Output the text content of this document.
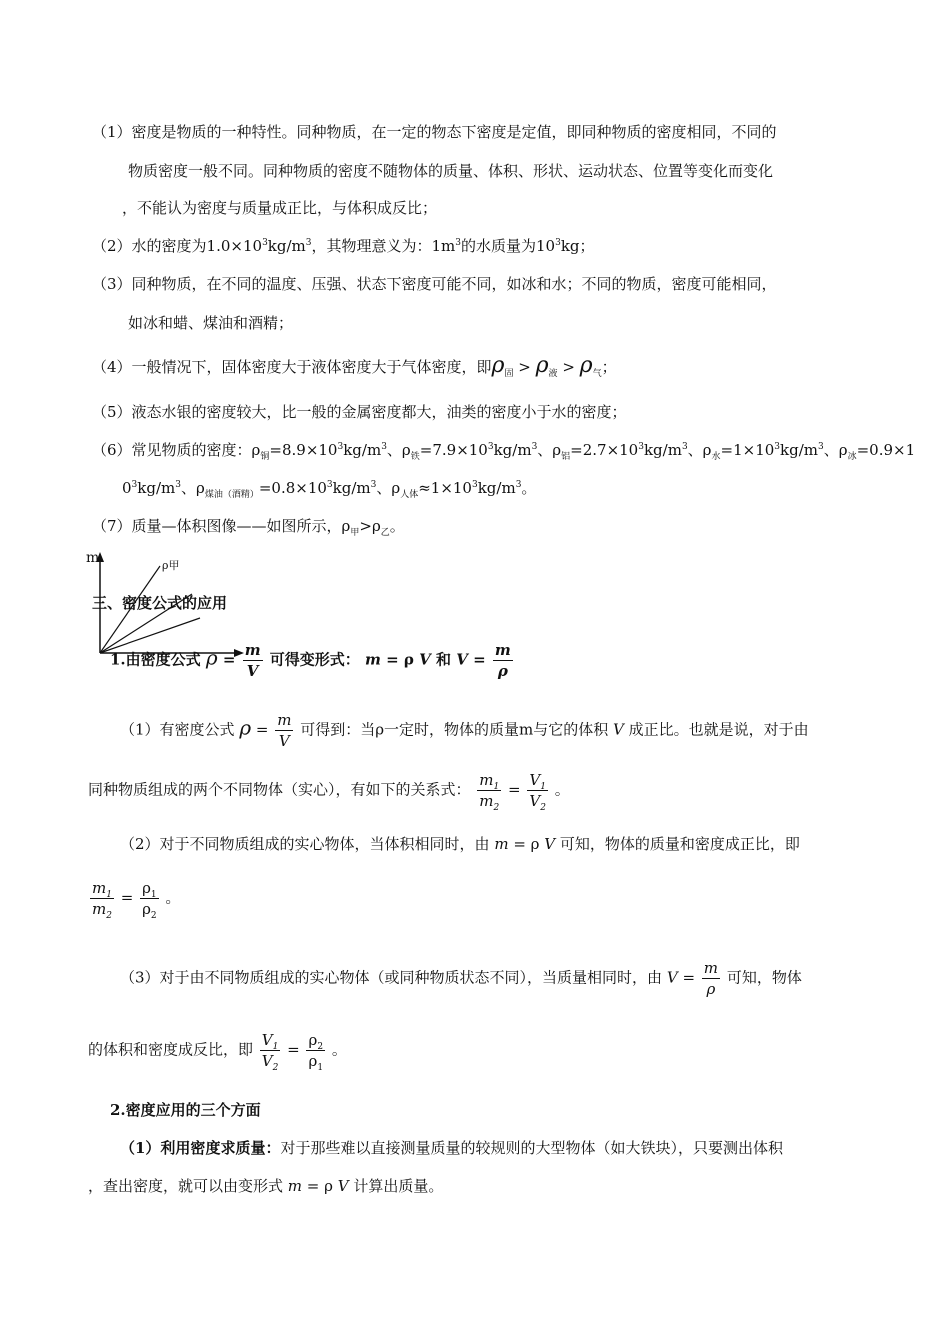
（1）密度是物质的一种特性。同种物质，在一定的物态下密度是定值，即同种物质的密度相同，不同的
物质密度一般不同。同种物质的密度不随物体的质量、体积、形状、运动状态、位置等变化而变化
，不能认为密度与质量成正比，与体积成反比；
（2）水的密度为$1.0\times 10^3kg/m^3$，其物理意义为：$1m^3$的水质量为$10^3kg$；
（3）同种物质，在不同的温度、压强、状态下密度可能不同，如冰和水；不同的物质，密度可能相同，
如冰和蜡、煤油和酒精；
（4）一般情况下，固体密度大于液体密度大于气体密度，即$\rho_固 > \rho_液 > \rho_气$；
（5）液态水银的密度较大，比一般的金属密度都大，油类的密度小于水的密度；
（6）常见物质的密度：$\rho_铜=8.9\times 10^3kg/m^3$、$\rho_铁=7.9\times 10^3kg/m^3$、$\rho_铝=2.7\times 10^3kg/m^3$、$\rho_水=1\times 10^3kg/m^3$、$\rho_冰=0.9\times 1$
$0^3kg/m^3$、$\rho_{煤油(酒精)}=0.8\times 10^3kg/m^3$、$\rho_{人体}\approx 1\times 10^3kg/m^3$。
（7）质量—体积图像——如图所示，$\rho_甲>\rho_乙$。
m	ρ甲
三、密度公式的应用
1.由密度公式 $\rho = \frac{m}{V}$ 可得变形式： m = ρ V 和 $V = \frac{m}{\rho}$
（1）有密度公式 $\rho = \frac{m}{V}$ 可得到：当ρ一定时，物体的质量m与它的体积 V 成正比。也就是说，对于由
同种物质组成的两个不同物体（实心），有如下的关系式： $\frac{m_1}{m_2} = \frac{V_1}{V_2}$ 。
（2）对于不同物质组成的实心物体，当体积相同时，由 m = ρ V 可知，物体的质量和密度成正比，即
$\frac{m_1}{m_2} = \frac{\rho_1}{\rho_2}$ 。
（3）对于由不同物质组成的实心物体（或同种物质状态不同），当质量相同时，由 $V = \frac{m}{\rho}$ 可知，物体
的体积和密度成反比，即 $\frac{V_1}{V_2} = \frac{\rho_2}{\rho_1}$ 。
2.密度应用的三个方面
（1）利用密度求质量：对于那些难以直接测量质量的较规则的大型物体（如大铁块），只要测出体积
，查出密度，就可以由变形式 m = ρ V 计算出质量。
